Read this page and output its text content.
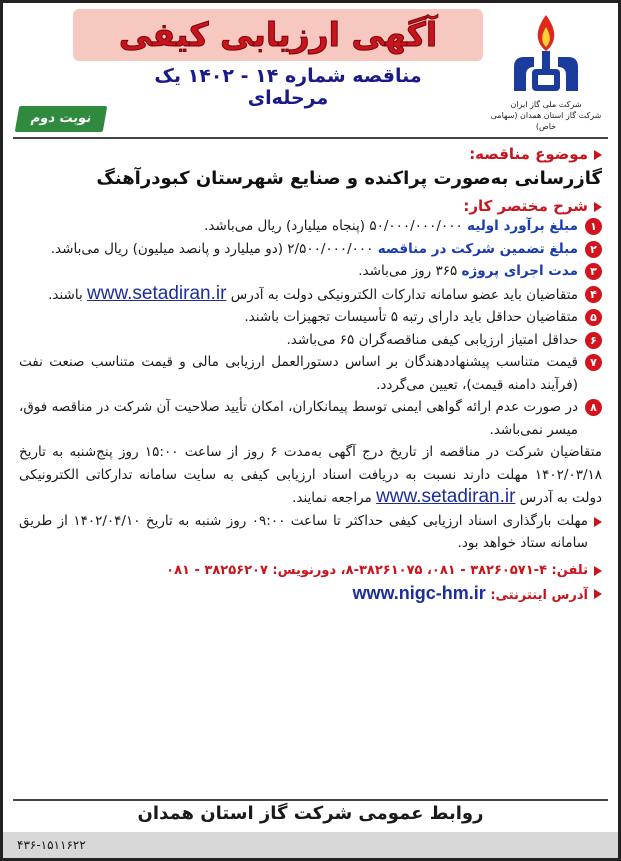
آگهی ارزیابی کیفی
مناقصه شماره ۱۴ - ۱۴۰۲ یک مرحله‌ای	شرکت ملی گاز ایران
شرکت گاز استان همدان (سهامی خاص)
نوبت دوم
موضوع مناقصه:
گازرسانی به‌صورت پراکنده و صنایع شهرستان کبودرآهنگ
شرح مختصر کار:
۱
مبلغ برآورد اولیه ۵۰/۰۰۰/۰۰۰/۰۰۰ (پنجاه میلیارد) ریال می‌باشد.
۲
مبلغ تضمین شرکت در مناقصه ۲/۵۰۰/۰۰۰/۰۰۰ (دو میلیارد و پانصد میلیون) ریال می‌باشد.
۳
مدت اجرای پروژه ۳۶۵ روز می‌باشد.
۴
متقاضیان باید عضو سامانه تدارکات الکترونیکی دولت به آدرس www.setadiran.ir باشند.
۵
متقاضیان حداقل باید دارای رتبه ۵ تأسیسات تجهیزات باشند.
۶
حداقل امتیاز ارزیابی کیفی مناقصه‌گران ۶۵ می‌باشد.
۷
قیمت متناسب پیشنهاددهندگان بر اساس دستورالعمل ارزیابی مالی و قیمت متناسب صنعت نفت (فرآیند دامنه قیمت)، تعیین می‌گردد.
۸
در صورت عدم ارائه گواهی ایمنی توسط پیمانکاران، امکان تأیید صلاحیت آن شرکت در مناقصه فوق، میسر نمی‌باشد.
متقاضیان شرکت در مناقصه از تاریخ درج آگهی به‌مدت ۶ روز از ساعت ۱۵:۰۰ روز پنج‌شنبه به تاریخ ۱۴۰۲/۰۳/۱۸ مهلت دارند نسبت به دریافت اسناد ارزیابی کیفی به سایت سامانه تدارکاتی الکترونیکی دولت به آدرس www.setadiran.ir مراجعه نمایند.
مهلت بارگذاری اسناد ارزیابی کیفی حداکثر تا ساعت ۰۹:۰۰ روز شنبه به تاریخ ۱۴۰۲/۰۴/۱۰ از طریق سامانه ستاد خواهد بود.
تلفن: ۴-۳۸۲۶۰۵۷۱ - ۰۸۱، ۳۸۲۶۱۰۷۵-۸، دورنویس: ۳۸۲۵۶۲۰۷ - ۰۸۱
آدرس اینترنتی: www.nigc-hm.ir
روابط عمومی شرکت گاز استان همدان
۴۳۶-۱۵۱۱۶۲۲
